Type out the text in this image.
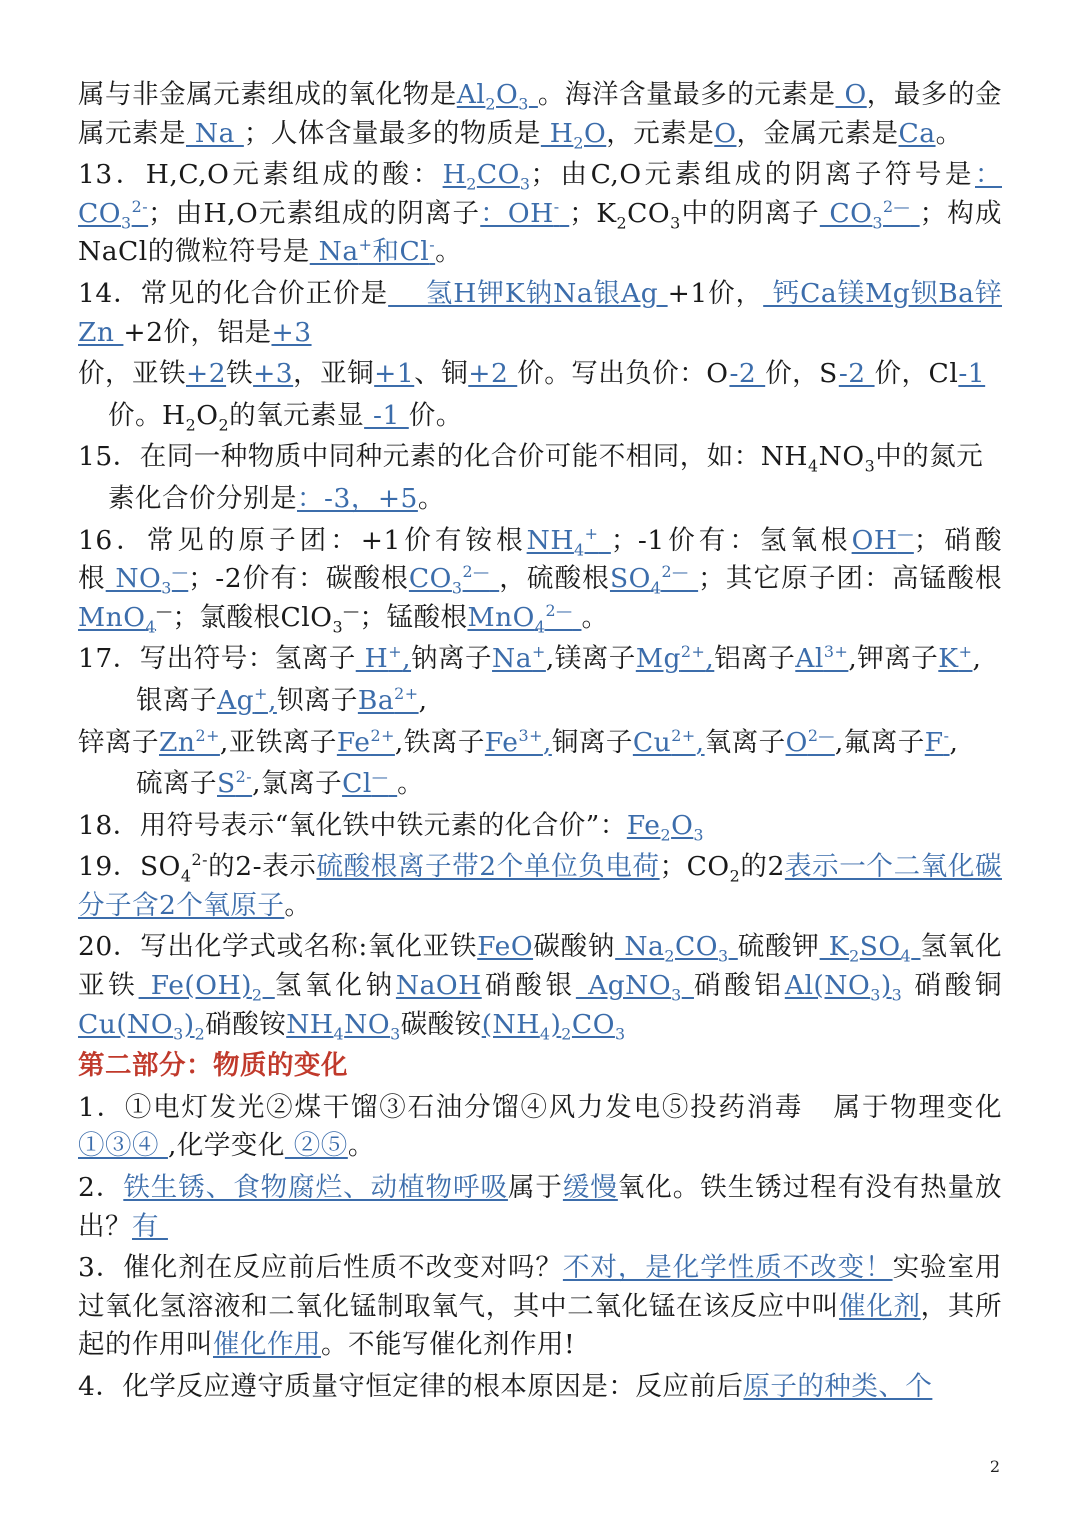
属与非金属元素组成的氧化物是$Al_2O_3$ 。海洋含量最多的元素是 O，最多的金属元素是 Na ；人体含量最多的物质是 $H_2O$，元素是O，金属元素是Ca。

13．H,C,O元素组成的酸：$H_2CO_3$；由C,O元素组成的阴离子符号是：$CO_3^{2-}$；由H,O元素组成的阴离子：OH- ；$K_2CO_3$中的阴离子 $CO_3^{2—}$ ；构成NaCl的微粒符号是 Na+和Cl-。

14．常见的化合价正价是    氢H钾K钠Na银Ag +1价， 钙Ca镁Mg钡Ba锌Zn +2价，铝是+3

价，亚铁+2铁+3，亚铜+1、铜+2 价。写出负价：O-2 价，S-2 价，Cl-1

价。$H_2O_2$的氧元素显 -1 价。

15．在同一种物质中同种元素的化合价可能不相同，如：$NH_4NO_3$中的氮元

素化合价分别是：-3，+5。

16．常见的原子团：+1价有铵根$NH_4^+$ ；-1价有：氢氧根OH—；硝酸根 $NO_3^—$；-2价有：碳酸根$CO_3^{2—}$ ，硫酸根$SO_4^{2—}$ ；其它原子团：高锰酸根MnO$_4$—；氯酸根ClO$_3$—；锰酸根MnO$_4^{2—}$ 。

17．写出符号：氢离子 H+,钠离子Na+,镁离子$Mg^{2+}$,铝离子$Al^{3+}$,钾离子K+,

银离子Ag+,钡离子$Ba^{2+}$,

锌离子$Zn^{2+}$,亚铁离子$Fe^{2+}$,铁离子$Fe^{3+}$,铜离子$Cu^{2+}$,氧离子$O^{2—}$,氟离子F-,

硫离子$S^{2-}$,氯离子Cl— 。

18．用符号表示“氧化铁中铁元素的化合价”：$Fe_2O_3$

19．$SO_4^{2-}$的2-表示硫酸根离子带2个单位负电荷；$CO_2$的2表示一个二氧化碳分子含2个氧原子。

20．写出化学式或名称:氧化亚铁FeO碳酸钠 $Na_2CO_3$ 硫酸钾 $K_2SO_4$ 氢氧化亚铁 $Fe(OH)_2$ 氢氧化钠NaOH硝酸银 AgNO$_3$ 硝酸铝$Al(NO_3)_3$ 硝酸铜$Cu(NO_3)_2$硝酸铵$NH_4NO_3$碳酸铵$(NH_4)_2CO_3$

第二部分：物质的变化

1．①电灯发光②煤干馏③石油分馏④风力发电⑤投药消毒   属于物理变化①③④ ,化学变化 ②⑤。

2．铁生锈、食物腐烂、动植物呼吸属于缓慢氧化。铁生锈过程有没有热量放出？有

3．催化剂在反应前后性质不改变对吗？不对，是化学性质不改变！实验室用过氧化氢溶液和二氧化锰制取氧气，其中二氧化锰在该反应中叫催化剂，其所起的作用叫催化作用。不能写催化剂作用!

4．化学反应遵守质量守恒定律的根本原因是：反应前后原子的种类、个

2
